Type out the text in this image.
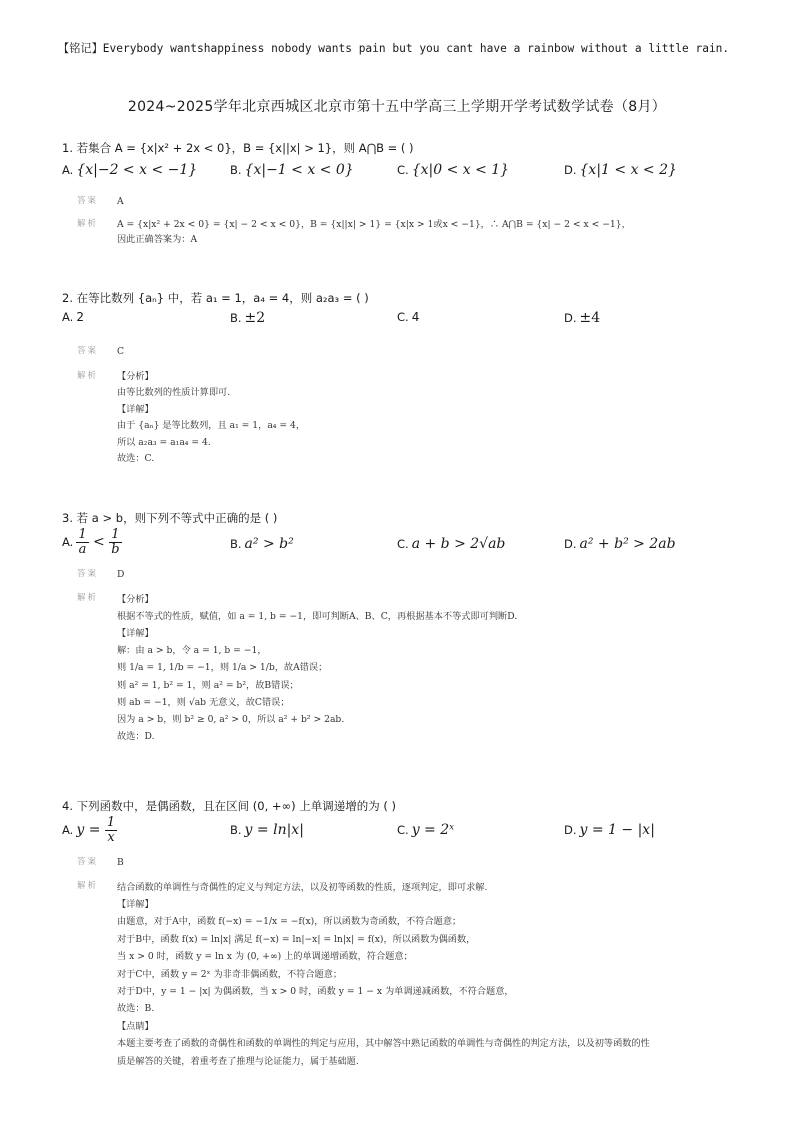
【铭记】Everybody wantshappiness nobody wants pain but you cant have a rainbow without a little rain.
2024~2025学年北京西城区北京市第十五中学高三上学期开学考试数学试卷（8月）
1. 若集合 A = {x|x² + 2x < 0}，B = {x||x| > 1}，则 A⋂B = ( )
A. {x|−2 < x < −1}	B. {x|−1 < x < 0}	C. {x|0 < x < 1}	D. {x|1 < x < 2}
答案 A
解析 A = {x|x² + 2x < 0} = {x| − 2 < x < 0}，B = {x||x| > 1} = {x|x > 1或x < −1}，∴ A⋂B = {x| − 2 < x < −1}，
因此正确答案为：A
2. 在等比数列 {aₙ} 中，若 a₁ = 1，a₄ = 4，则 a₂a₃ = ( )
A. 2	B. ±2	C. 4	D. ±4
答案 C
解析 【分析】
由等比数列的性质计算即可.
【详解】
由于 {aₙ} 是等比数列，且 a₁ = 1，a₄ = 4，
所以 a₂a₃ = a₁a₄ = 4.
故选：C.
3. 若 a > b，则下列不等式中正确的是 ( )
A. $\frac{1}{a} < \frac{1}{b}$	B. a² > b²	C. a + b > 2√ab	D. a² + b² > 2ab
答案 D
解析 【分析】
根据不等式的性质，赋值，如 a = 1, b = −1，即可判断A、B、C，再根据基本不等式即可判断D.
【详解】
解：由 a > b，令 a = 1, b = −1，
则 1/a = 1, 1/b = −1，则 1/a > 1/b，故A错误；
则 a² = 1, b² = 1，则 a² = b²，故B错误；
则 ab = −1，则 √ab 无意义，故C错误；
因为 a > b，则 b² ≥ 0, a² > 0，所以 a² + b² > 2ab.
故选：D.
4. 下列函数中，是偶函数，且在区间 (0, +∞) 上单调递增的为 ( )
A. $y = \frac{1}{x}$	B. y = ln|x|	C. y = 2ˣ	D. y = 1 − |x|
答案 B
解析 结合函数的单调性与奇偶性的定义与判定方法，以及初等函数的性质，逐项判定，即可求解.
【详解】
由题意，对于A中，函数 f(−x) = −1/x = −f(x)，所以函数为奇函数，不符合题意；
对于B中，函数 f(x) = ln|x| 满足 f(−x) = ln|−x| = ln|x| = f(x)，所以函数为偶函数，
当 x > 0 时，函数 y = ln x 为 (0, +∞) 上的单调递增函数，符合题意；
对于C中，函数 y = 2ˣ 为非奇非偶函数，不符合题意；
对于D中，y = 1 − |x| 为偶函数，当 x > 0 时，函数 y = 1 − x 为单调递减函数，不符合题意，
故选：B.
【点睛】
本题主要考查了函数的奇偶性和函数的单调性的判定与应用，其中解答中熟记函数的单调性与奇偶性的判定方法，以及初等函数的性
质是解答的关键，着重考查了推理与论证能力，属于基础题.
